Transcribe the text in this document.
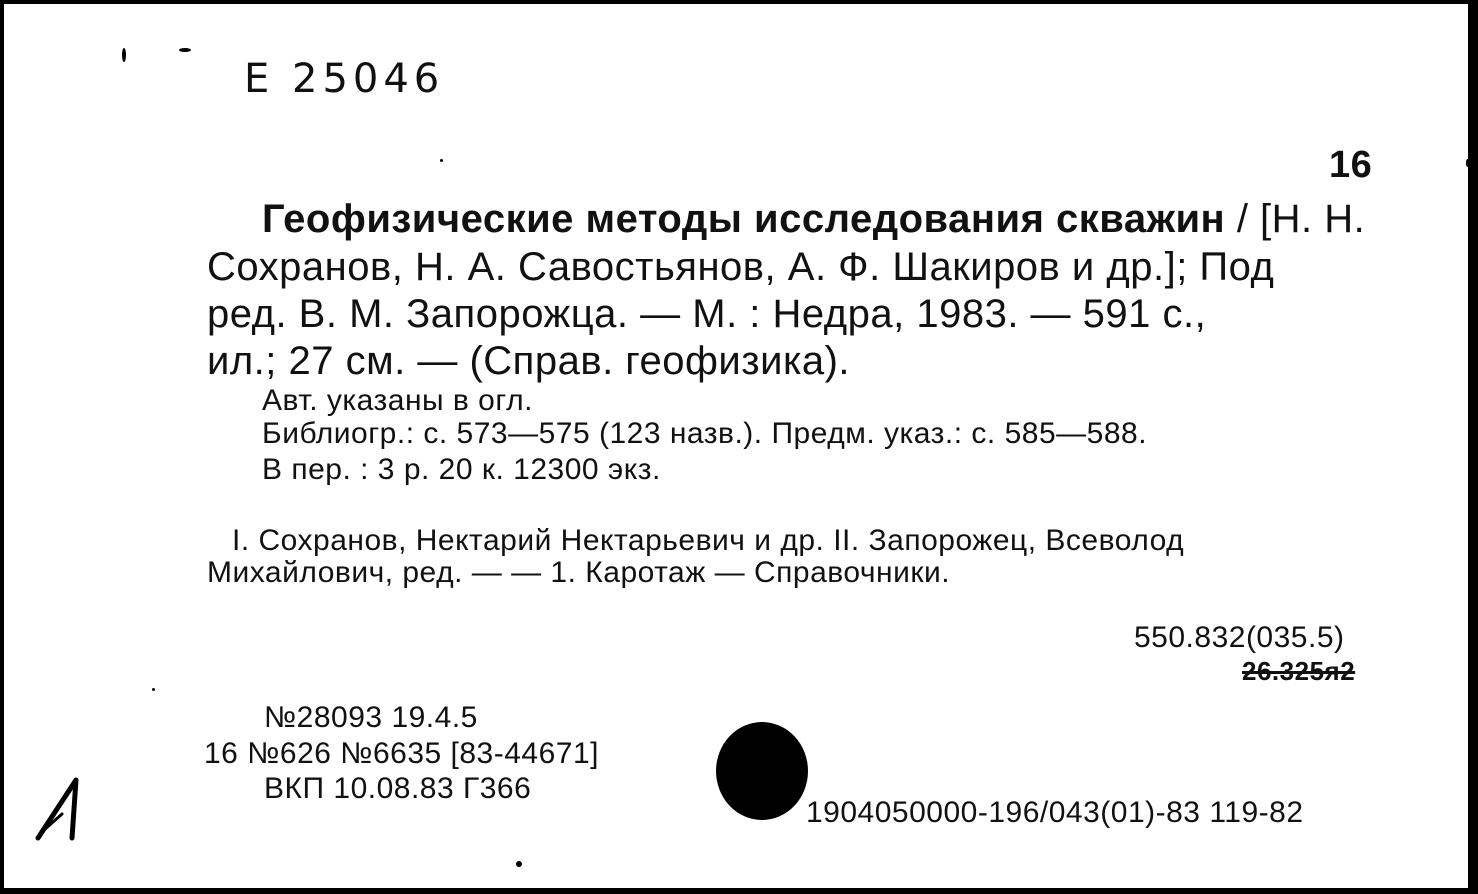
Е 25046
16
Геофизические методы исследования скважин / [Н. Н.
Сохранов, Н. А. Савостьянов, А. Ф. Шакиров и др.]; Под
ред. В. М. Запорожца. — М. : Недра, 1983. — 591 с.,
ил.; 27 см. — (Справ. геофизика).
Авт. указаны в огл.
Библиогр.: с. 573—575 (123 назв.). Предм. указ.: с. 585—588.
В пер. : 3 р. 20 к. 12300 экз.
I. Сохранов, Нектарий Нектарьевич и др. II. Запорожец, Всеволод
Михайлович, ред. — — 1. Каротаж — Справочники.
550.832(035.5)
26.325я2
№28093 19.4.5
16 №626 №6635 [83-44671]
ВКП 10.08.83 Г366
1904050000-196/043(01)-83 119-82
